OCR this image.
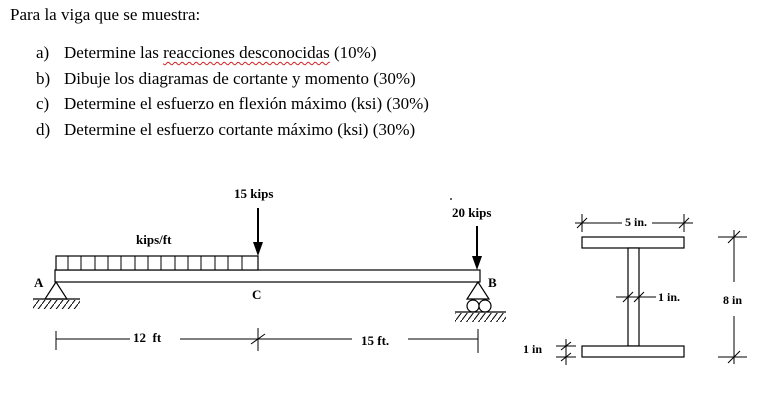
Para la viga que se muestra:

a) Determine las reacciones desconocidas (10%)
b) Dibuje los diagramas de cortante y momento (30%)
c) Determine el esfuerzo en flexión máximo (ksi) (30%)
d) Determine el esfuerzo cortante máximo (ksi) (30%)
kips/ft
15 kips
20 kips
A	B
C
12  ft	15 ft.
5 in.
1 in.	8 in
1 in
